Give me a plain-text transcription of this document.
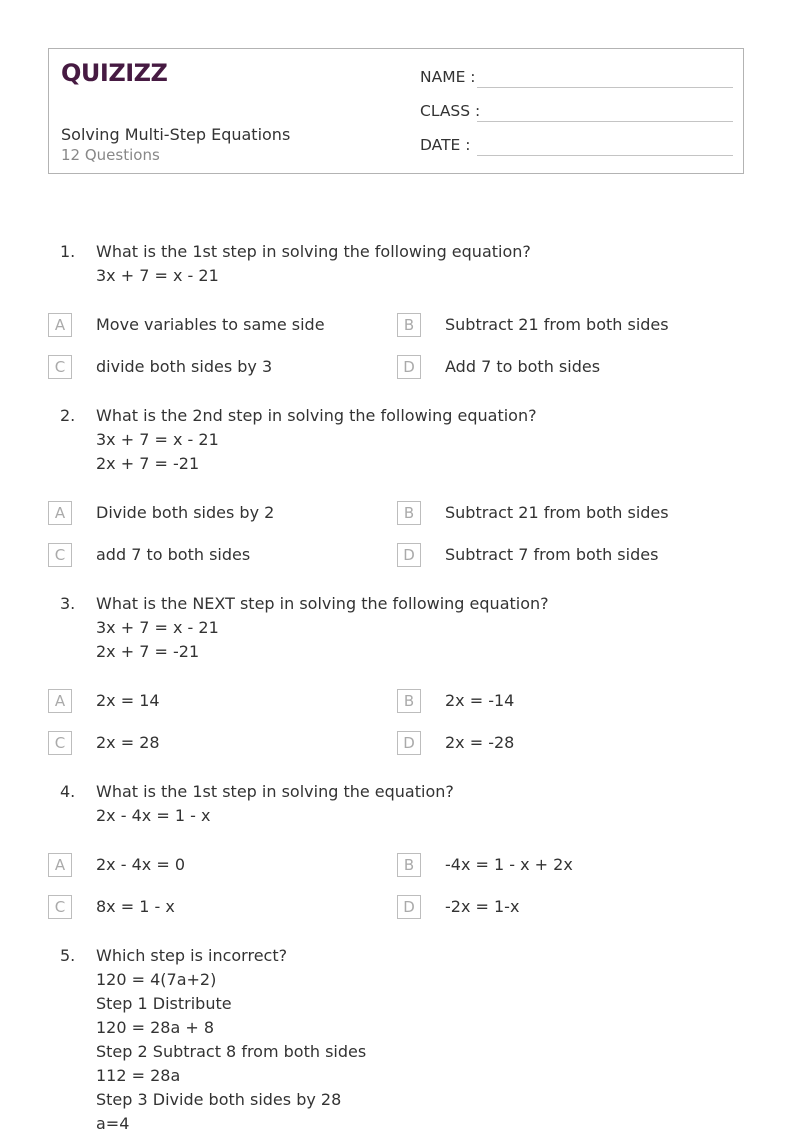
QUIZIZZ
Solving Multi-Step Equations
12 Questions
NAME :
CLASS :
DATE :
1. What is the 1st step in solving the following equation?
3x + 7 = x - 21
A	Move variables to same side	B	Subtract 21 from both sides
C	divide both sides by 3	D	Add 7 to both sides
2. What is the 2nd step in solving the following equation?
3x + 7 = x - 21
2x + 7 = -21
A	Divide both sides by 2	B	Subtract 21 from both sides
C	add 7 to both sides	D	Subtract 7 from both sides
3. What is the NEXT step in solving the following equation?
3x + 7 = x - 21
2x + 7 = -21
A	2x = 14	B	2x = -14
C	2x = 28	D	2x = -28
4. What is the 1st step in solving the equation?
2x - 4x = 1 - x
A	2x - 4x = 0	B	-4x = 1 - x + 2x
C	8x = 1 - x	D	-2x = 1-x
5. Which step is incorrect?
120 = 4(7a+2)
Step 1 Distribute
120 = 28a + 8
Step 2 Subtract 8 from both sides
112 = 28a
Step 3 Divide both sides by 28
a=4
